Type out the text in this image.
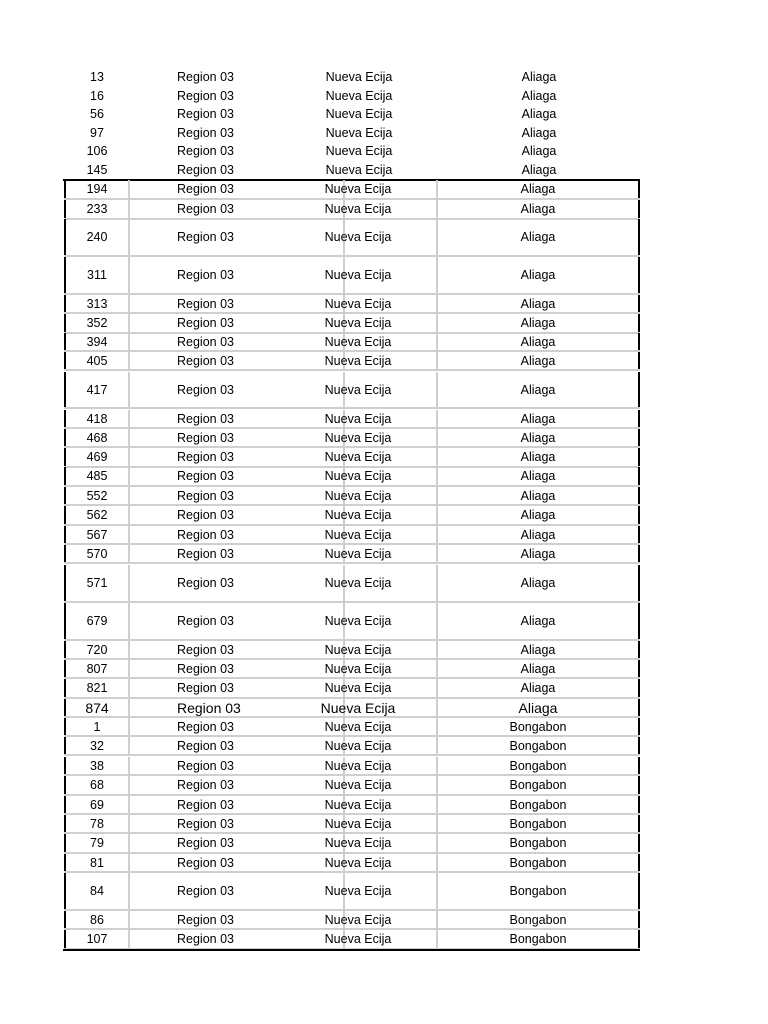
13	Region 03	Nueva Ecija	Aliaga
16	Region 03	Nueva Ecija	Aliaga
56	Region 03	Nueva Ecija	Aliaga
97	Region 03	Nueva Ecija	Aliaga
106	Region 03	Nueva Ecija	Aliaga
145	Region 03	Nueva Ecija	Aliaga
194	Region 03	Nueva Ecija	Aliaga
233	Region 03	Nueva Ecija	Aliaga
240	Region 03	Nueva Ecija	Aliaga
311	Region 03	Nueva Ecija	Aliaga
313	Region 03	Nueva Ecija	Aliaga
352	Region 03	Nueva Ecija	Aliaga
394	Region 03	Nueva Ecija	Aliaga
405	Region 03	Nueva Ecija	Aliaga
417	Region 03	Nueva Ecija	Aliaga
418	Region 03	Nueva Ecija	Aliaga
468	Region 03	Nueva Ecija	Aliaga
469	Region 03	Nueva Ecija	Aliaga
485	Region 03	Nueva Ecija	Aliaga
552	Region 03	Nueva Ecija	Aliaga
562	Region 03	Nueva Ecija	Aliaga
567	Region 03	Nueva Ecija	Aliaga
570	Region 03	Nueva Ecija	Aliaga
571	Region 03	Nueva Ecija	Aliaga
679	Region 03	Nueva Ecija	Aliaga
720	Region 03	Nueva Ecija	Aliaga
807	Region 03	Nueva Ecija	Aliaga
821	Region 03	Nueva Ecija	Aliaga
874	Region 03	Nueva Ecija	Aliaga
1	Region 03	Nueva Ecija	Bongabon
32	Region 03	Nueva Ecija	Bongabon
38	Region 03	Nueva Ecija	Bongabon
68	Region 03	Nueva Ecija	Bongabon
69	Region 03	Nueva Ecija	Bongabon
78	Region 03	Nueva Ecija	Bongabon
79	Region 03	Nueva Ecija	Bongabon
81	Region 03	Nueva Ecija	Bongabon
84	Region 03	Nueva Ecija	Bongabon
86	Region 03	Nueva Ecija	Bongabon
107	Region 03	Nueva Ecija	Bongabon
